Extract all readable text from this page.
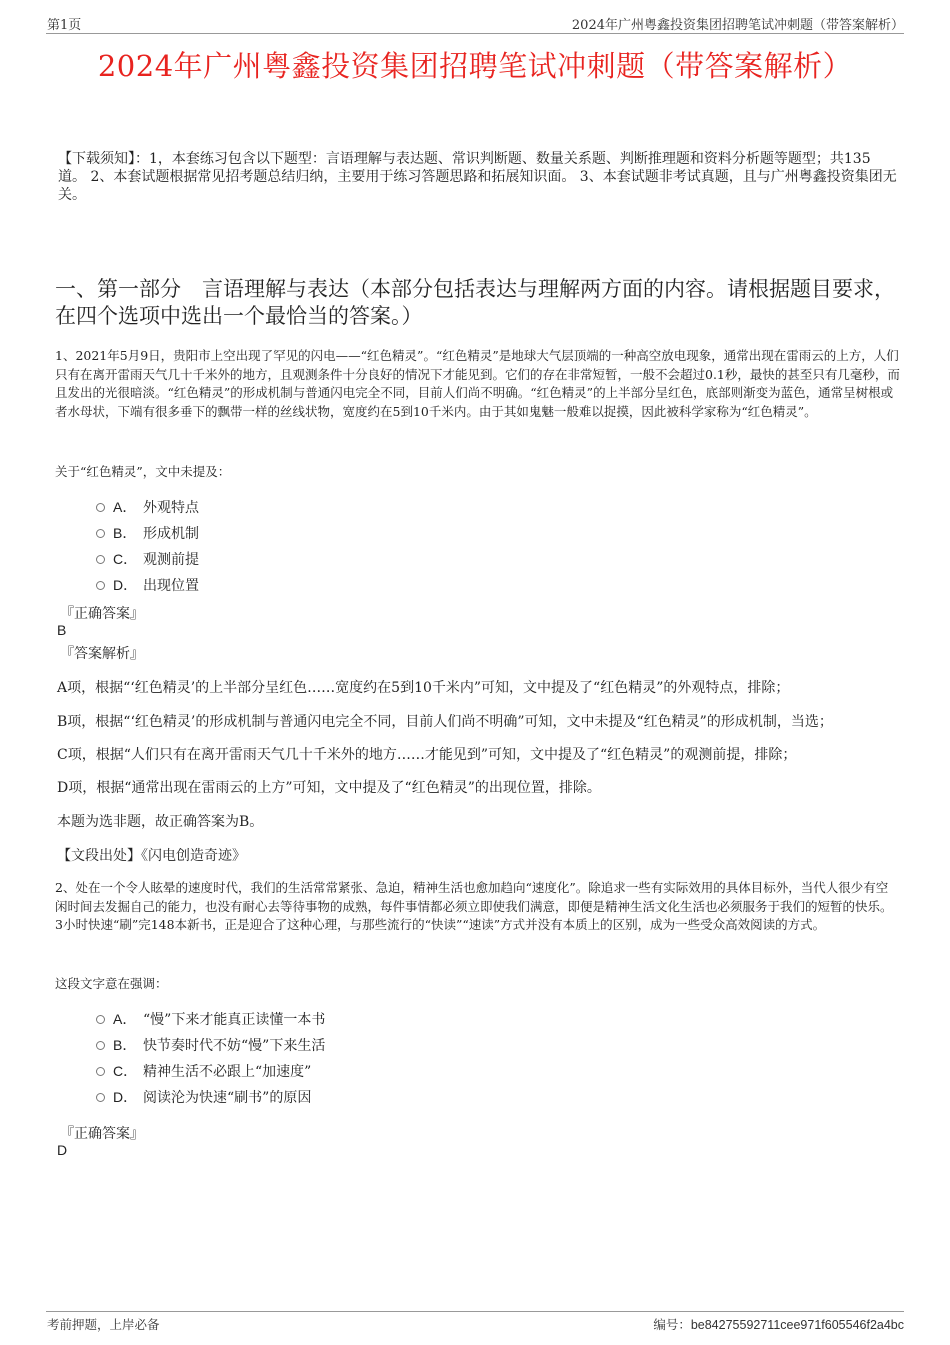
第1页	2024年广州粤鑫投资集团招聘笔试冲刺题（带答案解析）
2024年广州粤鑫投资集团招聘笔试冲刺题（带答案解析）
【下载须知】：1，本套练习包含以下题型：言语理解与表达题、常识判断题、数量关系题、判断推理题和资料分析题等题型；共135道。 2、本套试题根据常见招考题总结归纳，主要用于练习答题思路和拓展知识面。 3、本套试题非考试真题，且与广州粤鑫投资集团无关。
一、第一部分　言语理解与表达（本部分包括表达与理解两方面的内容。请根据题目要求，在四个选项中选出一个最恰当的答案。）
1、2021年5月9日，贵阳市上空出现了罕见的闪电——“红色精灵”。“红色精灵”是地球大气层顶端的一种高空放电现象，通常出现在雷雨云的上方，人们只有在离开雷雨天气几十千米外的地方，且观测条件十分良好的情况下才能见到。它们的存在非常短暂，一般不会超过0.1秒，最快的甚至只有几毫秒，而且发出的光很暗淡。“红色精灵”的形成机制与普通闪电完全不同，目前人们尚不明确。“红色精灵”的上半部分呈红色，底部则渐变为蓝色，通常呈树根或者水母状，下端有很多垂下的飘带一样的丝线状物，宽度约在5到10千米内。由于其如鬼魅一般难以捉摸，因此被科学家称为“红色精灵”。
关于“红色精灵”，文中未提及：
A． 外观特点
B． 形成机制
C． 观测前提
D． 出现位置
『正确答案』
B
『答案解析』
A项，根据“‘红色精灵’的上半部分呈红色……宽度约在5到10千米内”可知，文中提及了“红色精灵”的外观特点，排除；
B项，根据“‘红色精灵’的形成机制与普通闪电完全不同，目前人们尚不明确”可知，文中未提及“红色精灵”的形成机制，当选；
C项，根据“人们只有在离开雷雨天气几十千米外的地方……才能见到”可知，文中提及了“红色精灵”的观测前提，排除；
D项，根据“通常出现在雷雨云的上方”可知，文中提及了“红色精灵”的出现位置，排除。
本题为选非题，故正确答案为B。
【文段出处】《闪电创造奇迹》
2、处在一个令人眩晕的速度时代，我们的生活常常紧张、急迫，精神生活也愈加趋向“速度化”。除追求一些有实际效用的具体目标外，当代人很少有空闲时间去发掘自己的能力，也没有耐心去等待事物的成熟，每件事情都必须立即使我们满意，即便是精神生活文化生活也必须服务于我们的短暂的快乐。3小时快速“刷”完148本新书，正是迎合了这种心理，与那些流行的“快读”“速读”方式并没有本质上的区别，成为一些受众高效阅读的方式。
这段文字意在强调：
A． “慢”下来才能真正读懂一本书
B． 快节奏时代不妨“慢”下来生活
C． 精神生活不必跟上“加速度”
D． 阅读沦为快速“刷书”的原因
『正确答案』
D
考前押题，上岸必备	编号：be84275592711cee971f605546f2a4bc
